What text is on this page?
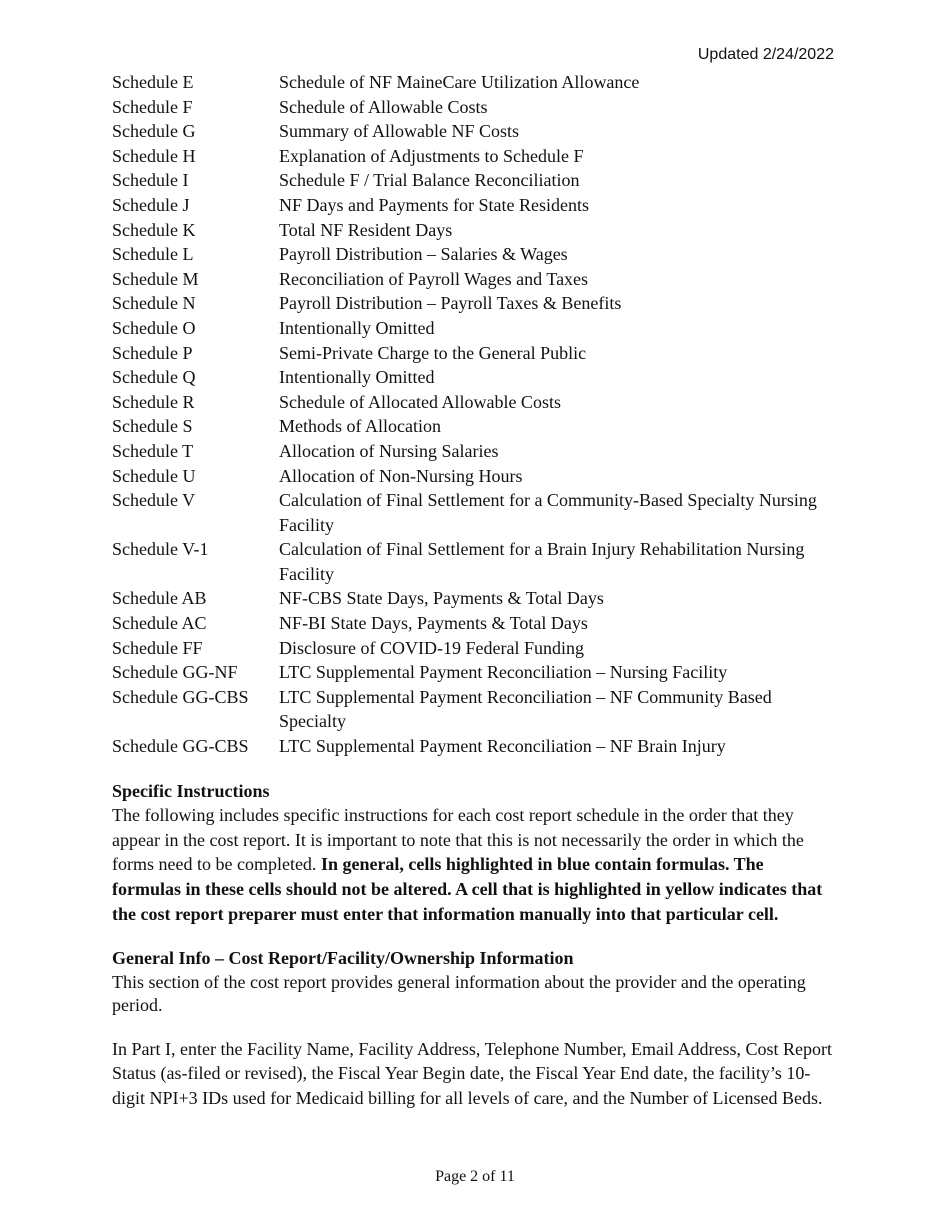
Updated 2/24/2022
Schedule E	Schedule of NF MaineCare Utilization Allowance
Schedule F	Schedule of Allowable Costs
Schedule G	Summary of Allowable NF Costs
Schedule H	Explanation of Adjustments to Schedule F
Schedule I	Schedule F / Trial Balance Reconciliation
Schedule J	NF Days and Payments for State Residents
Schedule K	Total NF Resident Days
Schedule L	Payroll Distribution – Salaries & Wages
Schedule M	Reconciliation of Payroll Wages and Taxes
Schedule N	Payroll Distribution – Payroll Taxes & Benefits
Schedule O	Intentionally Omitted
Schedule P	Semi-Private Charge to the General Public
Schedule Q	Intentionally Omitted
Schedule R	Schedule of Allocated Allowable Costs
Schedule S	Methods of Allocation
Schedule T	Allocation of Nursing Salaries
Schedule U	Allocation of Non-Nursing Hours
Schedule V	Calculation of Final Settlement for a Community-Based Specialty Nursing Facility
Schedule V-1	Calculation of Final Settlement for a Brain Injury Rehabilitation Nursing Facility
Schedule AB	NF-CBS State Days, Payments & Total Days
Schedule AC	NF-BI State Days, Payments & Total Days
Schedule FF	Disclosure of COVID-19 Federal Funding
Schedule GG-NF	LTC Supplemental Payment Reconciliation – Nursing Facility
Schedule GG-CBS	LTC Supplemental Payment Reconciliation – NF Community Based Specialty
Schedule GG-CBS	LTC Supplemental Payment Reconciliation – NF Brain Injury
Specific Instructions

The following includes specific instructions for each cost report schedule in the order that they appear in the cost report. It is important to note that this is not necessarily the order in which the forms need to be completed. In general, cells highlighted in blue contain formulas. The formulas in these cells should not be altered. A cell that is highlighted in yellow indicates that the cost report preparer must enter that information manually into that particular cell.

General Info – Cost Report/Facility/Ownership Information

This section of the cost report provides general information about the provider and the operating period.

In Part I, enter the Facility Name, Facility Address, Telephone Number, Email Address, Cost Report Status (as-filed or revised), the Fiscal Year Begin date, the Fiscal Year End date, the facility’s 10-digit NPI+3 IDs used for Medicaid billing for all levels of care, and the Number of Licensed Beds.

Page 2 of 11
